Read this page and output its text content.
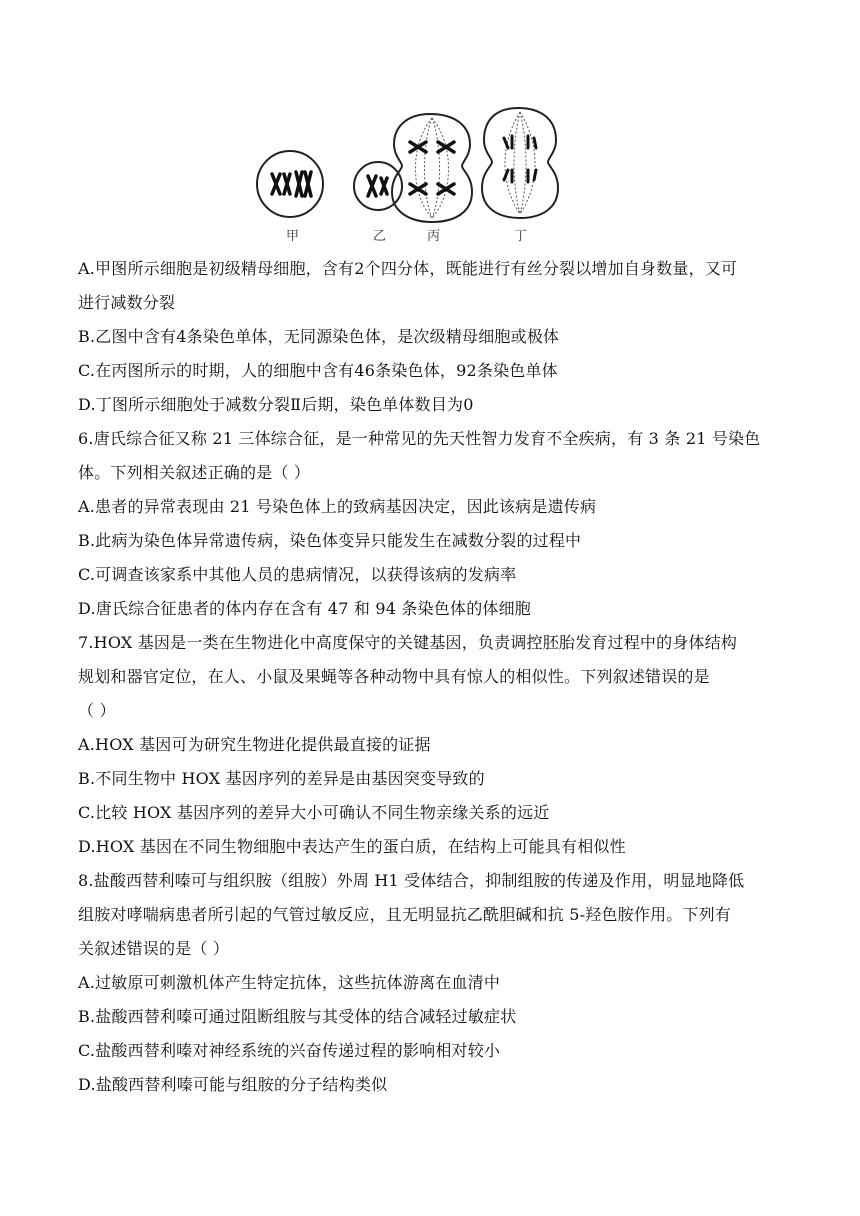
甲	乙	丙	丁
A.甲图所示细胞是初级精母细胞，含有2个四分体，既能进行有丝分裂以增加自身数量，又可
进行减数分裂
B.乙图中含有4条染色单体，无同源染色体，是次级精母细胞或极体
C.在丙图所示的时期，人的细胞中含有46条染色体，92条染色单体
D.丁图所示细胞处于减数分裂Ⅱ后期，染色单体数目为0
6.唐氏综合征又称 21 三体综合征，是一种常见的先天性智力发育不全疾病，有 3 条 21 号染色
体。下列相关叙述正确的是（ ）
A.患者的异常表现由 21 号染色体上的致病基因决定，因此该病是遗传病
B.此病为染色体异常遗传病，染色体变异只能发生在减数分裂的过程中
C.可调查该家系中其他人员的患病情况，以获得该病的发病率
D.唐氏综合征患者的体内存在含有 47 和 94 条染色体的体细胞
7.HOX 基因是一类在生物进化中高度保守的关键基因，负责调控胚胎发育过程中的身体结构
规划和器官定位，在人、小鼠及果蝇等各种动物中具有惊人的相似性。下列叙述错误的是
（ ）
A.HOX 基因可为研究生物进化提供最直接的证据
B.不同生物中 HOX 基因序列的差异是由基因突变导致的
C.比较 HOX 基因序列的差异大小可确认不同生物亲缘关系的远近
D.HOX 基因在不同生物细胞中表达产生的蛋白质，在结构上可能具有相似性
8.盐酸西替利嗪可与组织胺（组胺）外周 H1 受体结合，抑制组胺的传递及作用，明显地降低
组胺对哮喘病患者所引起的气管过敏反应，且无明显抗乙酰胆碱和抗 5-羟色胺作用。下列有
关叙述错误的是（ ）
A.过敏原可刺激机体产生特定抗体，这些抗体游离在血清中
B.盐酸西替利嗪可通过阻断组胺与其受体的结合减轻过敏症状
C.盐酸西替利嗪对神经系统的兴奋传递过程的影响相对较小
D.盐酸西替利嗪可能与组胺的分子结构类似
